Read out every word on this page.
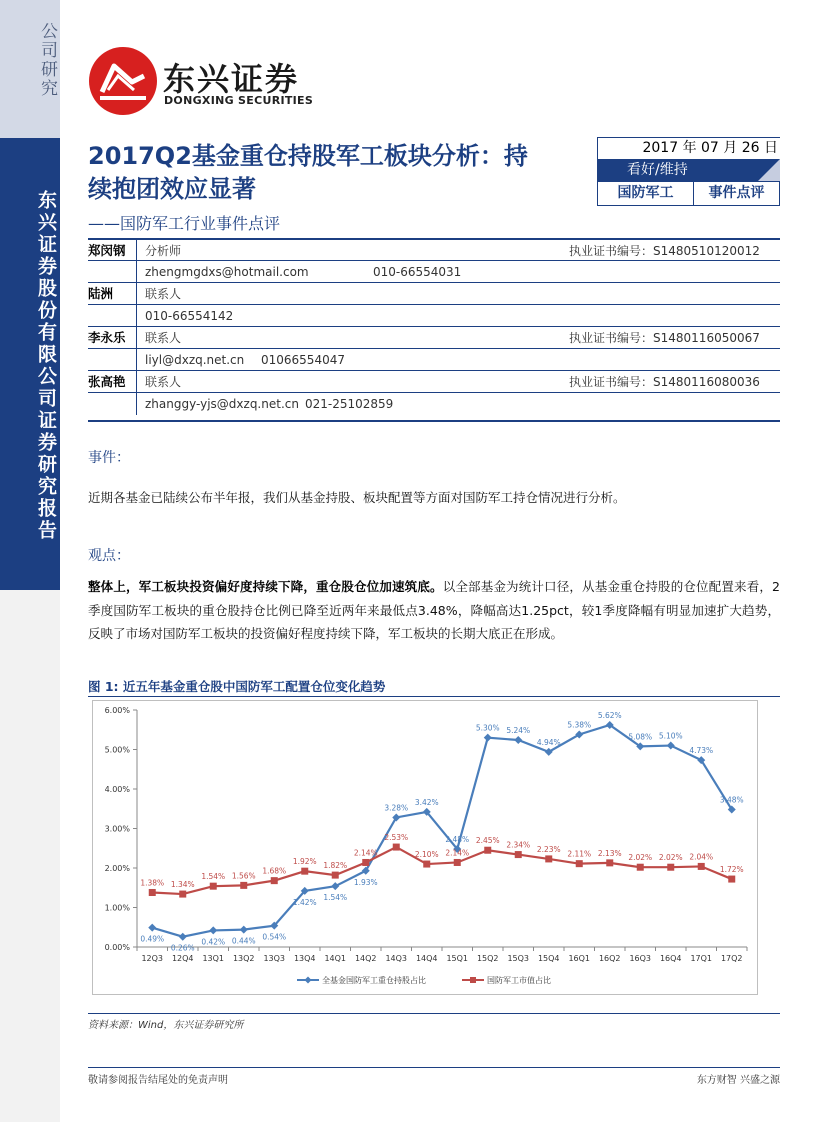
公司研究
东兴证券股份有限公司证券研究报告
东兴证券
DONGXING SECURITIES
2017Q2基金重仓持股军工板块分析：持续抱团效应显著
——国防军工行业事件点评
2017 年 07 月 26 日
看好/维持
国防军工	事件点评
郑闵钢	分析师	执业证书编号：S1480510120012
zhengmgdxs@hotmail.com	010-66554031
陆洲	联系人
010-66554142
李永乐	联系人	执业证书编号：S1480116050067
liyl@dxzq.net.cn 01066554047
张高艳	联系人	执业证书编号：S1480116080036
zhanggy-yjs@dxzq.net.cn 021-25102859
事件：
近期各基金已陆续公布半年报，我们从基金持股、板块配置等方面对国防军工持仓情况进行分析。
观点：
整体上，军工板块投资偏好度持续下降，重仓股仓位加速筑底。以全部基金为统计口径，从基金重仓持股的仓位配置来看，2季度国防军工板块的重仓股持仓比例已降至近两年来最低点3.48%，降幅高达1.25pct，较1季度降幅有明显加速扩大趋势，反映了市场对国防军工板块的投资偏好程度持续下降，军工板块的长期大底正在形成。
图 1: 近五年基金重仓股中国防军工配置仓位变化趋势
0.00%
1.00%
2.00%
3.00%
4.00%
5.00%
6.00%
12Q3 12Q4 13Q1 13Q2 13Q3 13Q4 14Q1 14Q2 14Q3 14Q4 15Q1 15Q2 15Q3 15Q4 16Q1 16Q2 16Q3 16Q4 17Q1 17Q2
0.49%
0.26%
0.42% 0.44% 0.54%
1.42%
1.54%
1.93%
3.28%
3.42%
2.48%
5.30% 5.24%
4.94%
5.38%
5.62%
5.08% 5.10%
4.73%
3.48%
1.38% 1.34%
1.54% 1.56%
1.68%
1.92% 1.82%
2.14%
2.53%
2.10% 2.14%
2.45% 2.34% 2.23%
2.11% 2.13% 2.02% 2.02% 2.04%
1.72%
全基金国防军工重仓持股占比	国防军工市值占比
资料来源：Wind，东兴证券研究所
敬请参阅报告结尾处的免责声明	东方财智 兴盛之源
